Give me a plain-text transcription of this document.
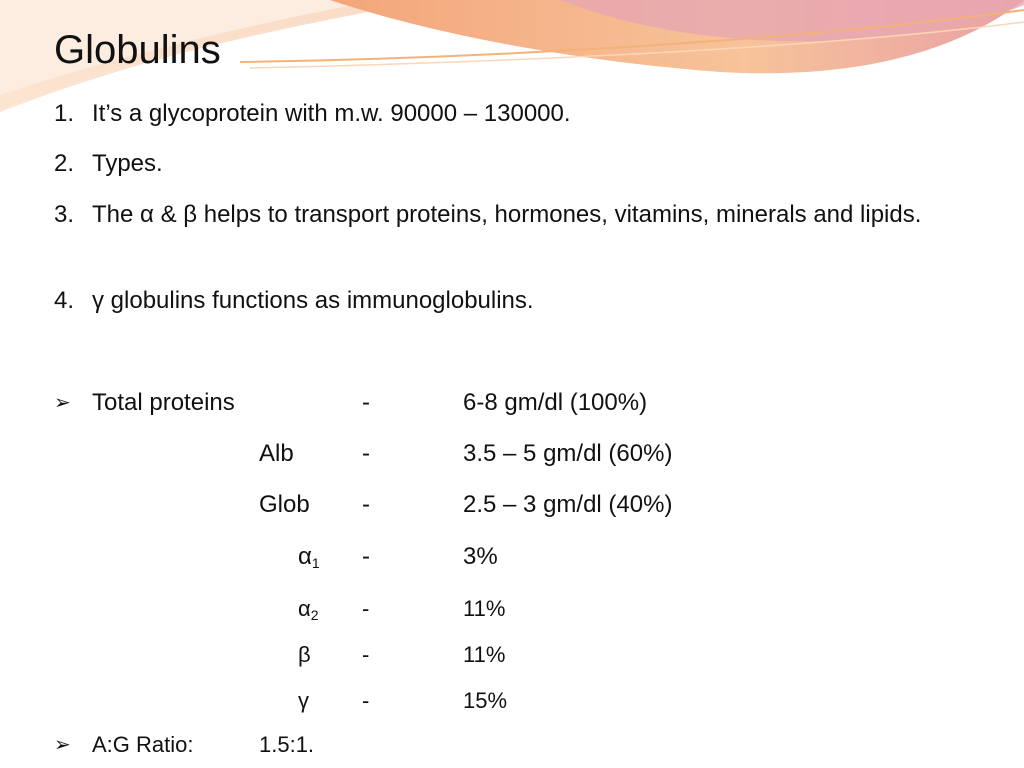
Globulins
1. It’s a glycoprotein with m.w. 90000 – 130000.
2. Types.
3. The α & β helps to transport proteins, hormones, vitamins, minerals and lipids.
4. γ globulins functions as immunoglobulins.
➢ Total proteins	-	6-8 gm/dl (100%)
Alb	-	3.5 – 5 gm/dl (60%)
Glob -	2.5 – 3 gm/dl (40%)
$\alpha_1$ -	3%
$\alpha_2$ -	11%
β -	11%
γ -	15%
➢ A:G Ratio:	1.5:1.
